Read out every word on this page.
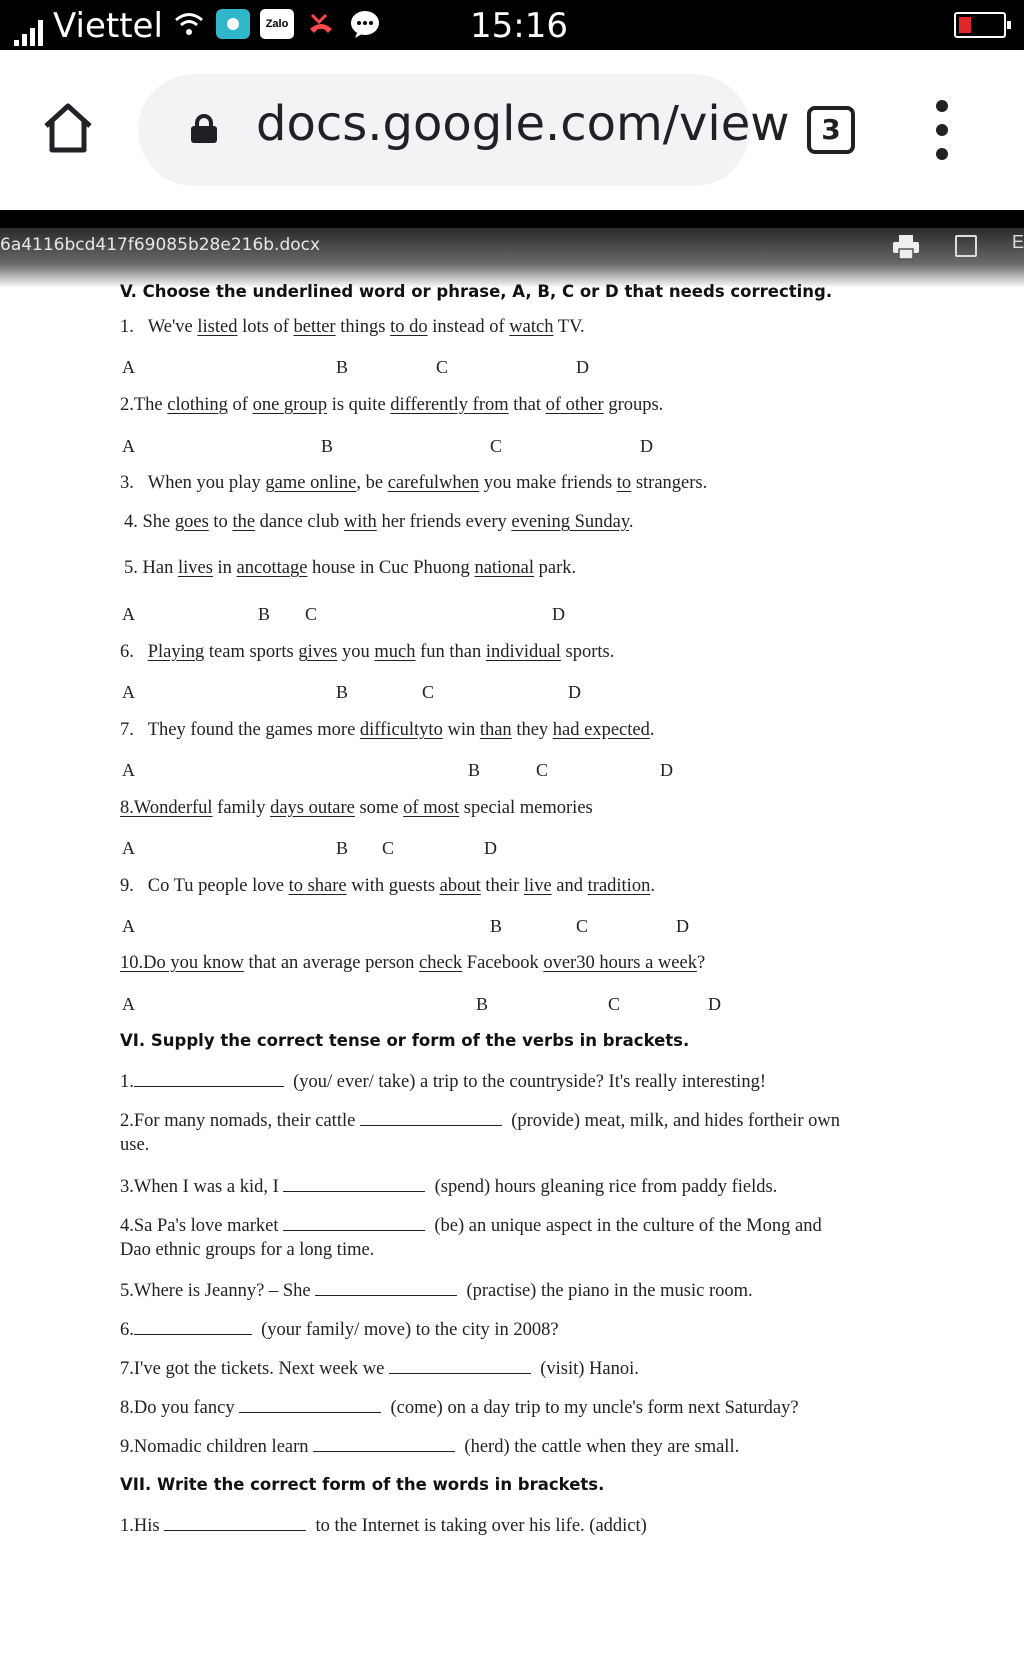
Viettel	Zalo	15:16
docs.google.com/view	3
6a4116bcd417f69085b28e216b.docx	E
V. Choose the underlined word or phrase, A, B, C or D that needs correcting.
1. We've listed lots of better things to do instead of watch TV.
A	B	C	D
2.The clothing of one group is quite differently from that of other groups.
A	B	C	D
3. When you play game online, be carefulwhen you make friends to strangers.
4. She goes to the dance club with her friends every evening Sunday.
5. Han lives in ancottage house in Cuc Phuong national park.
A	B C	D
6. Playing team sports gives you much fun than individual sports.
A	B	C	D
7. They found the games more difficultyto win than they had expected.
A	B	C	D
8.Wonderful family days outare some of most special memories
A	B C	D
9. Co Tu people love to share with guests about their live and tradition.
A	B	C	D
10.Do you know that an average person check Facebook over30 hours a week?
A	B	C	D
VI. Supply the correct tense or form of the verbs in brackets.
1.	(you/ ever/ take) a trip to the countryside? It's really interesting!
2.For many nomads, their cattle	(provide) meat, milk, and hides fortheir own
use.
3.When I was a kid, I	(spend) hours gleaning rice from paddy fields.
4.Sa Pa's love market	(be) an unique aspect in the culture of the Mong and
Dao ethnic groups for a long time.
5.Where is Jeanny? – She	(practise) the piano in the music room.
6.	(your family/ move) to the city in 2008?
7.I've got the tickets. Next week we	(visit) Hanoi.
8.Do you fancy	(come) on a day trip to my uncle's form next Saturday?
9.Nomadic children learn	(herd) the cattle when they are small.
VII. Write the correct form of the words in brackets.
1.His	to the Internet is taking over his life. (addict)
